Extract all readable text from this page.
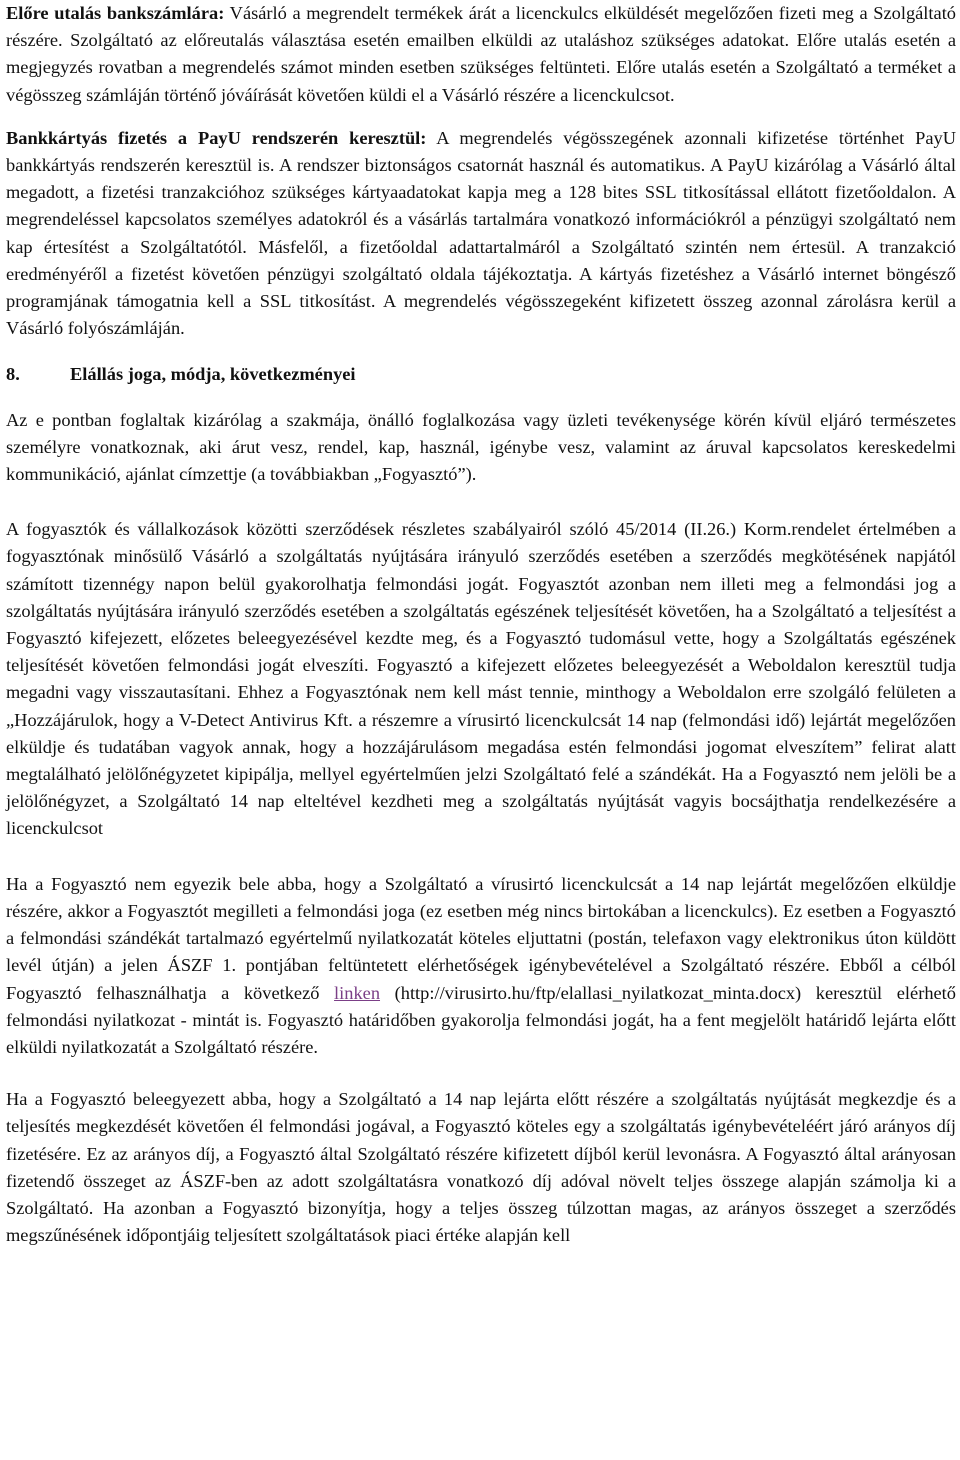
Előre utalás bankszámlára: Vásárló a megrendelt termékek árát a licenckulcs elküldését megelőzően fizeti meg a Szolgáltató részére. Szolgáltató az előreutalás választása esetén emailben elküldi az utaláshoz szükséges adatokat. Előre utalás esetén a megjegyzés rovatban a megrendelés számot minden esetben szükséges feltünteti. Előre utalás esetén a Szolgáltató a terméket a végösszeg számláján történő jóváírását követően küldi el a Vásárló részére a licenckulcsot.

Bankkártyás fizetés a PayU rendszerén keresztül: A megrendelés végösszegének azonnali kifizetése történhet PayU bankkártyás rendszerén keresztül is. A rendszer biztonságos csatornát használ és automatikus. A PayU kizárólag a Vásárló által megadott, a fizetési tranzakcióhoz szükséges kártyaadatokat kapja meg a 128 bites SSL titkosítással ellátott fizetőoldalon. A megrendeléssel kapcsolatos személyes adatokról és a vásárlás tartalmára vonatkozó információkról a pénzügyi szolgáltató nem kap értesítést a Szolgáltatótól. Másfelől, a fizetőoldal adattartalmáról a Szolgáltató szintén nem értesül. A tranzakció eredményéről a fizetést követően pénzügyi szolgáltató oldala tájékoztatja. A kártyás fizetéshez a Vásárló internet böngésző programjának támogatnia kell a SSL titkosítást. A megrendelés végösszegeként kifizetett összeg azonnal zárolásra kerül a Vásárló folyószámláján.

8.	Elállás joga, módja, következményei

Az e pontban foglaltak kizárólag a szakmája, önálló foglalkozása vagy üzleti tevékenysége körén kívül eljáró természetes személyre vonatkoznak, aki árut vesz, rendel, kap, használ, igénybe vesz, valamint az áruval kapcsolatos kereskedelmi kommunikáció, ajánlat címzettje (a továbbiakban „Fogyasztó”).

A fogyasztók és vállalkozások közötti szerződések részletes szabályairól szóló 45/2014 (II.26.) Korm.rendelet értelmében a fogyasztónak minősülő Vásárló a szolgáltatás nyújtására irányuló szerződés esetében a szerződés megkötésének napjától számított tizennégy napon belül gyakorolhatja felmondási jogát. Fogyasztót azonban nem illeti meg a felmondási jog a szolgáltatás nyújtására irányuló szerződés esetében a szolgáltatás egészének teljesítését követően, ha a Szolgáltató a teljesítést a Fogyasztó kifejezett, előzetes beleegyezésével kezdte meg, és a Fogyasztó tudomásul vette, hogy a Szolgáltatás egészének teljesítését követően felmondási jogát elveszíti. Fogyasztó a kifejezett előzetes beleegyezését a Weboldalon keresztül tudja megadni vagy visszautasítani. Ehhez a Fogyasztónak nem kell mást tennie, minthogy a Weboldalon erre szolgáló felületen a „Hozzájárulok, hogy a V-Detect Antivirus Kft. a részemre a vírusirtó licenckulcsát 14 nap (felmondási idő) lejártát megelőzően elküldje és tudatában vagyok annak, hogy a hozzájárulásom megadása estén felmondási jogomat elveszítem” felirat alatt megtalálható jelölőnégyzetet kipipálja, mellyel egyértelműen jelzi Szolgáltató felé a szándékát. Ha a Fogyasztó nem jelöli be a jelölőnégyzet, a Szolgáltató 14 nap elteltével kezdheti meg a szolgáltatás nyújtását vagyis bocsájthatja rendelkezésére a licenckulcsot

Ha a Fogyasztó nem egyezik bele abba, hogy a Szolgáltató a vírusirtó licenckulcsát a 14 nap lejártát megelőzően elküldje részére, akkor a Fogyasztót megilleti a felmondási joga (ez esetben még nincs birtokában a licenckulcs). Ez esetben a Fogyasztó a felmondási szándékát tartalmazó egyértelmű nyilatkozatát köteles eljuttatni (postán, telefaxon vagy elektronikus úton küldött levél útján) a jelen ÁSZF 1. pontjában feltüntetett elérhetőségek igénybevételével a Szolgáltató részére. Ebből a célból Fogyasztó felhasználhatja a következő linken (http://virusirto.hu/ftp/elallasi_nyilatkozat_minta.docx) keresztül elérhető felmondási nyilatkozat - mintát is. Fogyasztó határidőben gyakorolja felmondási jogát, ha a fent megjelölt határidő lejárta előtt elküldi nyilatkozatát a Szolgáltató részére.

Ha a Fogyasztó beleegyezett abba, hogy a Szolgáltató a 14 nap lejárta előtt részére a szolgáltatás nyújtását megkezdje és a teljesítés megkezdését követően él felmondási jogával, a Fogyasztó köteles egy a szolgáltatás igénybevételéért járó arányos díj fizetésére. Ez az arányos díj, a Fogyasztó által Szolgáltató részére kifizetett díjból kerül levonásra. A Fogyasztó által arányosan fizetendő összeget az ÁSZF-ben az adott szolgáltatásra vonatkozó díj adóval növelt teljes összege alapján számolja ki a Szolgáltató. Ha azonban a Fogyasztó bizonyítja, hogy a teljes összeg túlzottan magas, az arányos összeget a szerződés megszűnésének időpontjáig teljesített szolgáltatások piaci értéke alapján kell
